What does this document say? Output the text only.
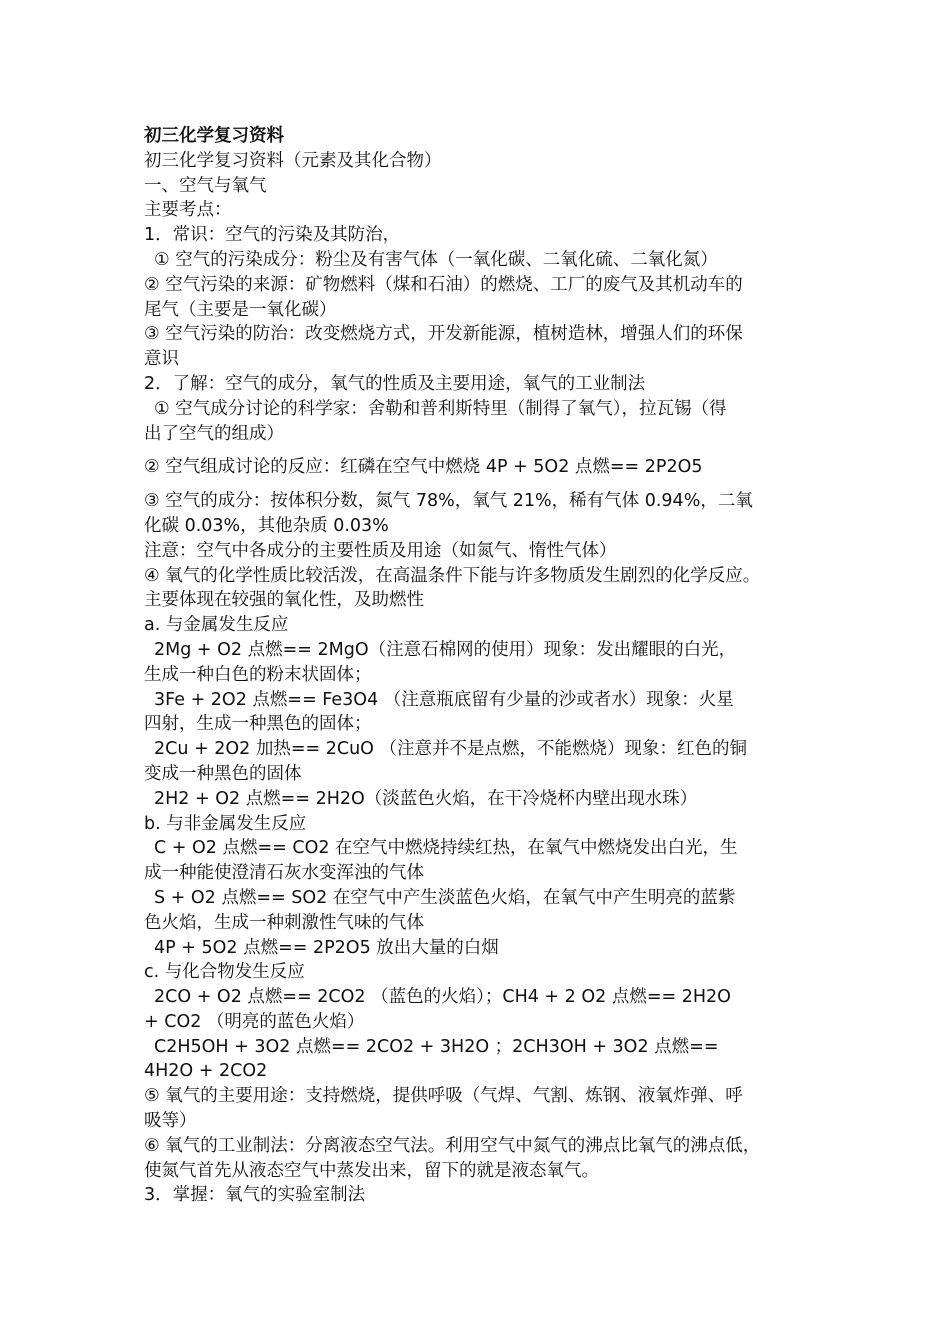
初三化学复习资料

初三化学复习资料（元素及其化合物）

一、空气与氧气

主要考点：

1．常识：空气的污染及其防治，

① 空气的污染成分：粉尘及有害气体（一氧化碳、二氧化硫、二氧化氮）

② 空气污染的来源：矿物燃料（煤和石油）的燃烧、工厂的废气及其机动车的

尾气（主要是一氧化碳）

③ 空气污染的防治：改变燃烧方式，开发新能源，植树造林，增强人们的环保

意识

2．了解：空气的成分，氧气的性质及主要用途，氧气的工业制法

① 空气成分讨论的科学家：舍勒和普利斯特里（制得了氧气），拉瓦锡（得

出了空气的组成）

② 空气组成讨论的反应：红磷在空气中燃烧 4P + 5O2 点燃== 2P2O5

③ 空气的成分：按体积分数，氮气 78%，氧气 21%，稀有气体 0.94%，二氧

化碳 0.03%，其他杂质 0.03%

注意：空气中各成分的主要性质及用途（如氮气、惰性气体）

④ 氧气的化学性质比较活泼，在高温条件下能与许多物质发生剧烈的化学反应。

主要体现在较强的氧化性，及助燃性

a. 与金属发生反应

2Mg + O2 点燃== 2MgO（注意石棉网的使用）现象：发出耀眼的白光，

生成一种白色的粉末状固体；

3Fe + 2O2 点燃== Fe3O4 （注意瓶底留有少量的沙或者水）现象：火星

四射，生成一种黑色的固体；

2Cu + 2O2 加热== 2CuO （注意并不是点燃，不能燃烧）现象：红色的铜

变成一种黑色的固体

2H2 + O2 点燃== 2H2O（淡蓝色火焰，在干冷烧杯内壁出现水珠）

b. 与非金属发生反应

C + O2 点燃== CO2 在空气中燃烧持续红热，在氧气中燃烧发出白光，生

成一种能使澄清石灰水变浑浊的气体

S + O2 点燃== SO2 在空气中产生淡蓝色火焰，在氧气中产生明亮的蓝紫

色火焰，生成一种刺激性气味的气体

4P + 5O2 点燃== 2P2O5 放出大量的白烟

c. 与化合物发生反应

2CO + O2 点燃== 2CO2 （蓝色的火焰）；CH4 + 2 O2 点燃== 2H2O

+ CO2 （明亮的蓝色火焰）

C2H5OH + 3O2 点燃== 2CO2 + 3H2O ；2CH3OH + 3O2 点燃==

4H2O + 2CO2

⑤ 氧气的主要用途：支持燃烧，提供呼吸（气焊、气割、炼钢、液氧炸弹、呼

吸等）

⑥ 氧气的工业制法：分离液态空气法。利用空气中氮气的沸点比氧气的沸点低，

使氮气首先从液态空气中蒸发出来，留下的就是液态氧气。

3．掌握：氧气的实验室制法
